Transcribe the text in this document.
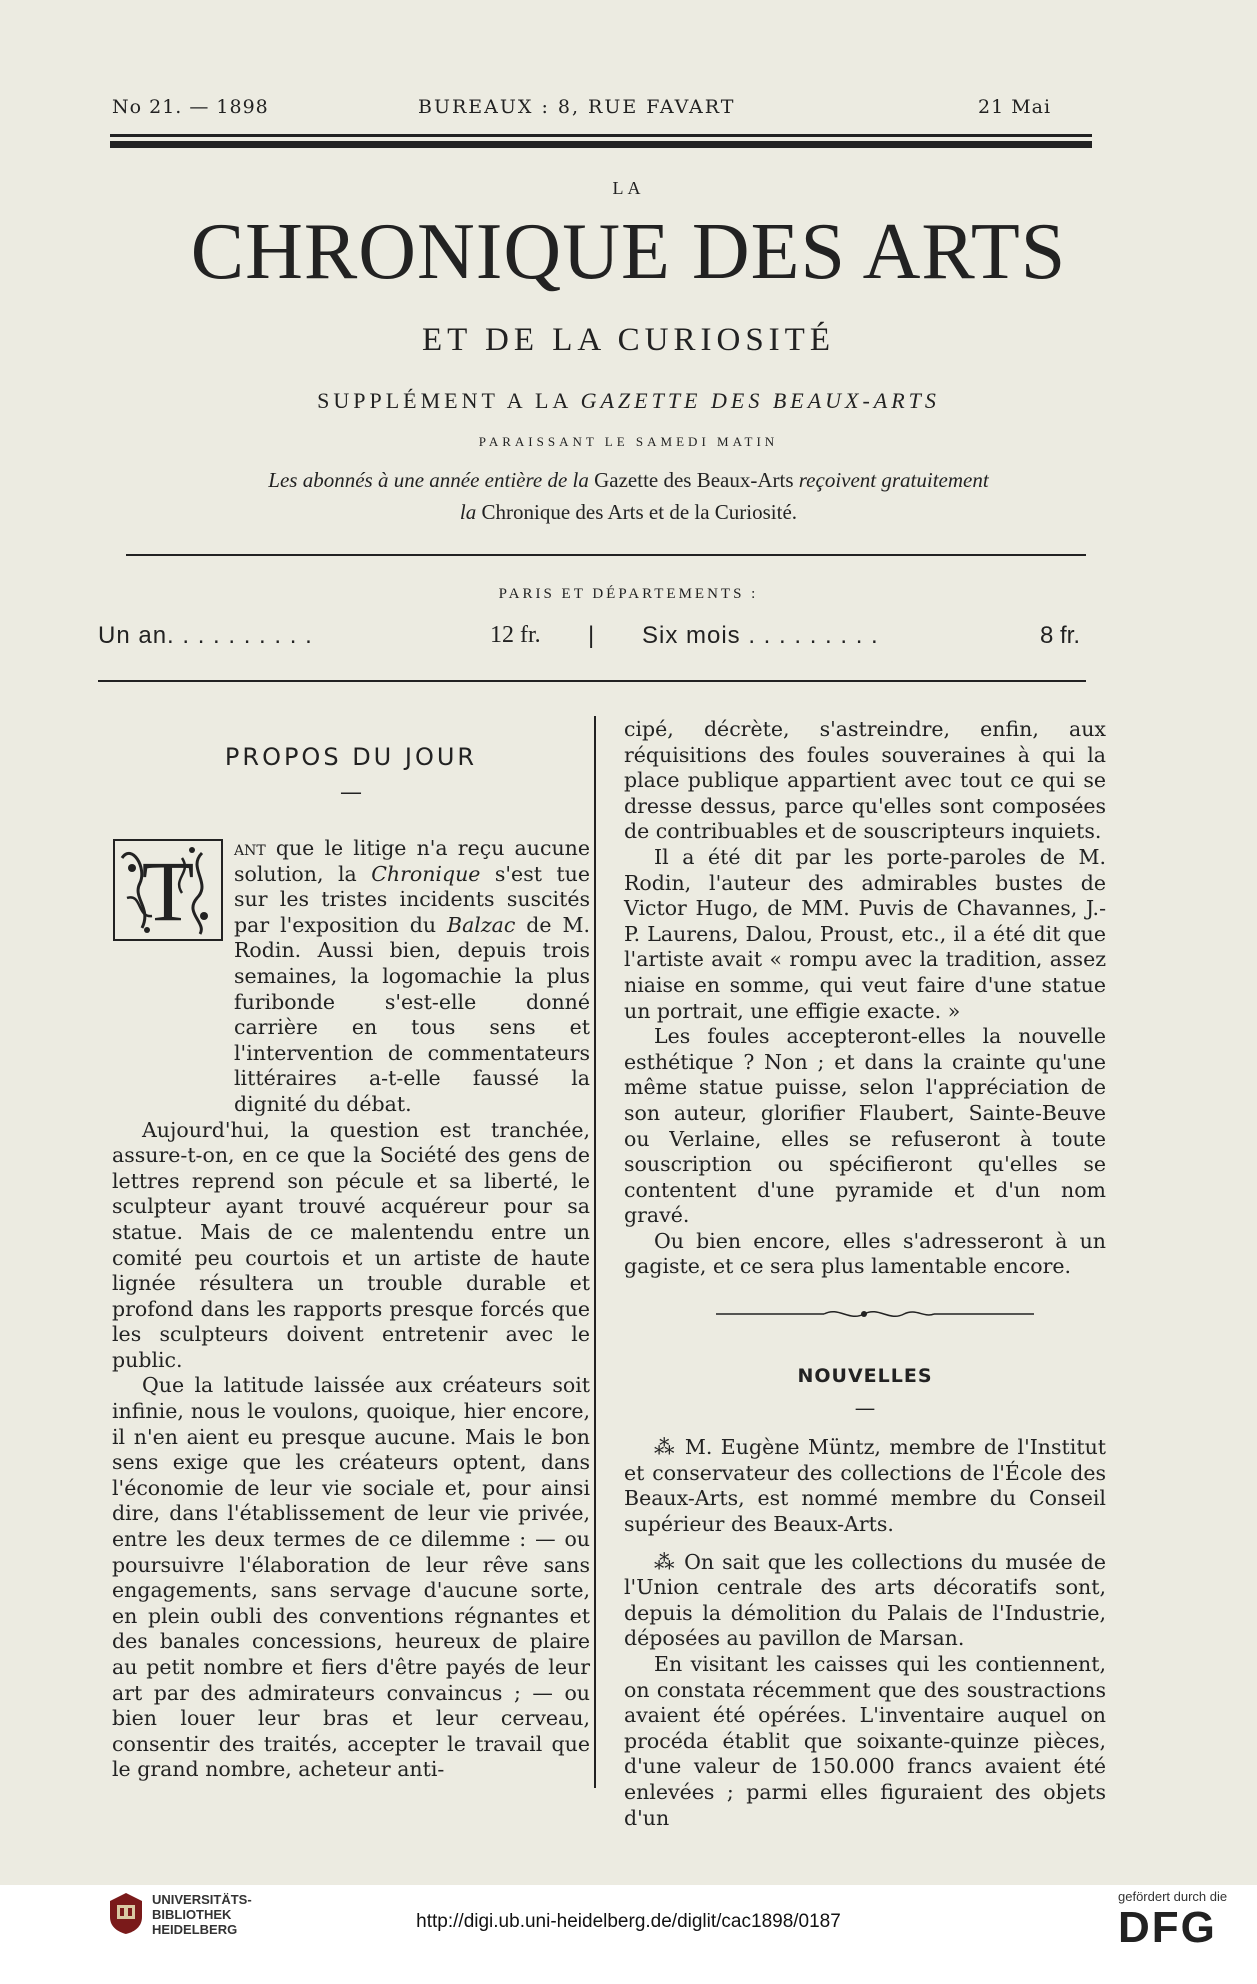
No 21. — 1898	BUREAUX : 8, RUE FAVART	21 Mai
LA
CHRONIQUE DES ARTS
ET DE LA CURIOSITÉ
SUPPLÉMENT A LA GAZETTE DES BEAUX-ARTS
PARAISSANT LE SAMEDI MATIN
Les abonnés à une année entière de la Gazette des Beaux-Arts reçoivent gratuitement
la Chronique des Arts et de la Curiosité.
PARIS ET DÉPARTEMENTS :
Un an. . . . . . . . . .	12 fr. | Six mois . . . . . . . . .	8 fr.
PROPOS DU JOUR
—
T	ant que le litige n'a reçu aucune solution, la Chronique s'est tue sur les tristes incidents suscités par l'exposition du Balzac de M. Rodin. Aussi bien, depuis trois semaines, la logomachie la plus furibonde s'est-elle donné carrière en tous sens et l'intervention de commentateurs littéraires a-t-elle faussé la dignité du débat.

Aujourd'hui, la question est tranchée, assure-t-on, en ce que la Société des gens de lettres reprend son pécule et sa liberté, le sculpteur ayant trouvé acquéreur pour sa statue. Mais de ce malentendu entre un comité peu courtois et un artiste de haute lignée résultera un trouble durable et profond dans les rapports presque forcés que les sculpteurs doivent entretenir avec le public.

Que la latitude laissée aux créateurs soit infinie, nous le voulons, quoique, hier encore, il n'en aient eu presque aucune. Mais le bon sens exige que les créateurs optent, dans l'économie de leur vie sociale et, pour ainsi dire, dans l'établissement de leur vie privée, entre les deux termes de ce dilemme : — ou poursuivre l'élaboration de leur rêve sans engagements, sans servage d'aucune sorte, en plein oubli des conventions régnantes et des banales concessions, heureux de plaire au petit nombre et fiers d'être payés de leur art par des admirateurs convaincus ; — ou bien louer leur bras et leur cerveau, consentir des traités, accepter le travail que le grand nombre, acheteur anti-

cipé, décrète, s'astreindre, enfin, aux réquisitions des foules souveraines à qui la place publique appartient avec tout ce qui se dresse dessus, parce qu'elles sont composées de contribuables et de souscripteurs inquiets.

Il a été dit par les porte-paroles de M. Rodin, l'auteur des admirables bustes de Victor Hugo, de MM. Puvis de Chavannes, J.-P. Laurens, Dalou, Proust, etc., il a été dit que l'artiste avait « rompu avec la tradition, assez niaise en somme, qui veut faire d'une statue un portrait, une effigie exacte. »

Les foules accepteront-elles la nouvelle esthétique ? Non ; et dans la crainte qu'une même statue puisse, selon l'appréciation de son auteur, glorifier Flaubert, Sainte-Beuve ou Verlaine, elles se refuseront à toute souscription ou spécifieront qu'elles se contentent d'une pyramide et d'un nom gravé.

Ou bien encore, elles s'adresseront à un gagiste, et ce sera plus lamentable encore.

NOUVELLES
—

⁂ M. Eugène Müntz, membre de l'Institut et conservateur des collections de l'École des Beaux-Arts, est nommé membre du Conseil supérieur des Beaux-Arts.

⁂ On sait que les collections du musée de l'Union centrale des arts décoratifs sont, depuis la démolition du Palais de l'Industrie, déposées au pavillon de Marsan.

En visitant les caisses qui les contiennent, on constata récemment que des soustractions avaient été opérées. L'inventaire auquel on procéda établit que soixante-quinze pièces, d'une valeur de 150.000 francs avaient été enlevées ; parmi elles figuraient des objets d'un

UNIVERSITÄTS-
BIBLIOTHEK
HEIDELBERG	http://digi.ub.uni-heidelberg.de/diglit/cac1898/0187
gefördert durch die
DFG
